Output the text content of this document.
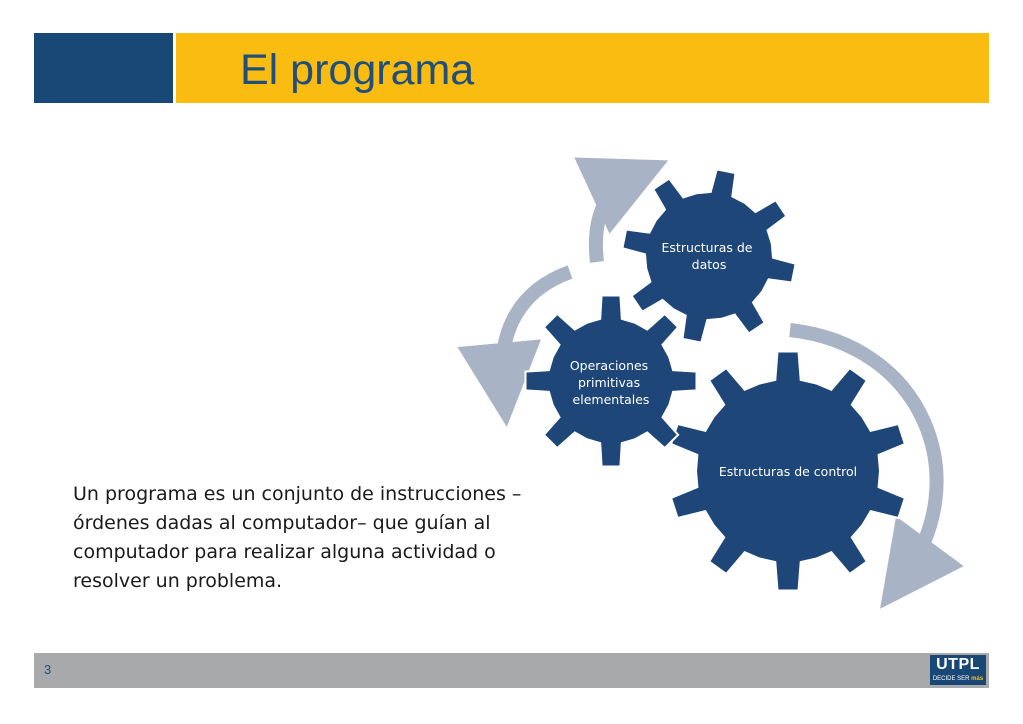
El programa
Estructuras de control
Operaciones primitivas elementales
Estructuras de datos
Un programa es un conjunto de instrucciones –órdenes dadas al computador– que guían al computador para realizar alguna actividad o resolver un problema.
3	UTPL
DECIDE SER más
